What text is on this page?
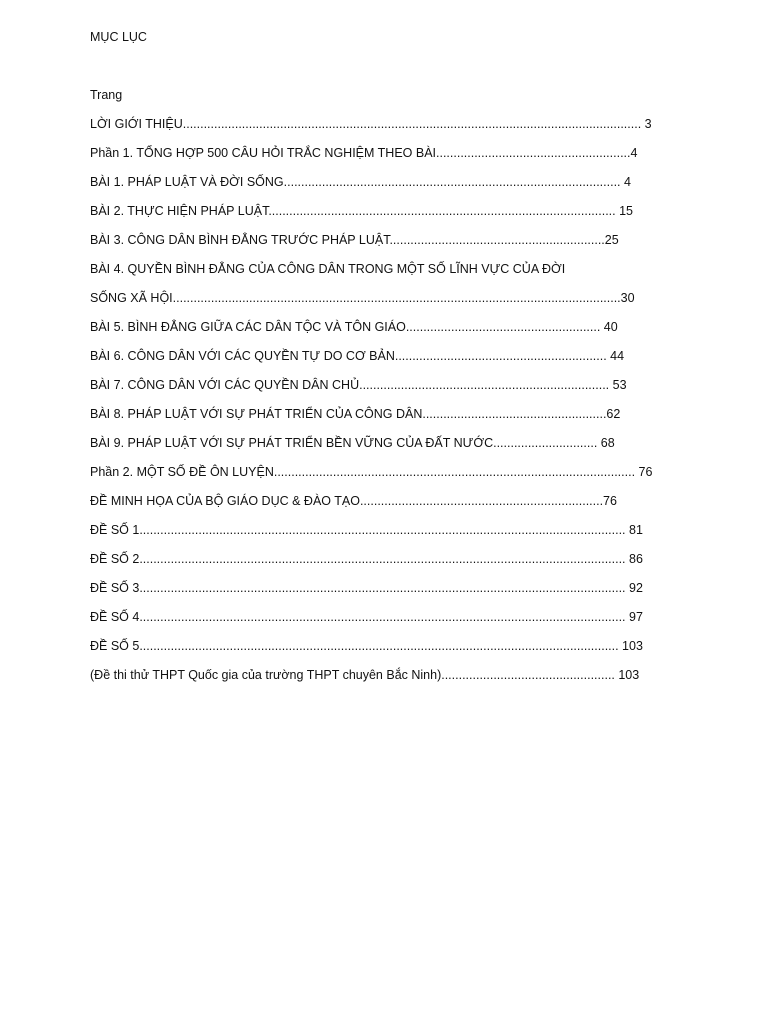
MỤC LỤC
Trang
LỜI GIỚI THIỆU.................................................................................................................................... 3
Phần 1. TỔNG HỢP 500 CÂU HỎI TRẮC NGHIỆM THEO BÀI........................................................4
BÀI 1. PHÁP LUẬT VÀ ĐỜI SỐNG................................................................................................. 4
BÀI 2. THỰC HIỆN PHÁP LUẬT.................................................................................................... 15
BÀI 3. CÔNG DÂN BÌNH ĐẲNG TRƯỚC PHÁP LUẬT..............................................................25
BÀI 4. QUYỀN BÌNH ĐẲNG CỦA CÔNG DÂN TRONG MỘT SỐ LĨNH VỰC CỦA ĐỜI
SỐNG XÃ HỘI.................................................................................................................................30
BÀI 5. BÌNH ĐẲNG GIỮA CÁC DÂN TỘC VÀ TÔN GIÁO........................................................ 40
BÀI 6. CÔNG DÂN VỚI CÁC QUYỀN TỰ DO CƠ BẢN............................................................. 44
BÀI 7. CÔNG DÂN VỚI CÁC QUYỀN DÂN CHỦ........................................................................ 53
BÀI 8. PHÁP LUẬT VỚI SỰ PHÁT TRIỂN CỦA CÔNG DÂN.....................................................62
BÀI 9. PHÁP LUẬT VỚI SỰ PHÁT TRIỂN BỀN VỮNG CỦA ĐẤT NƯỚC.............................. 68
Phần 2. MỘT SỐ ĐỀ ÔN LUYỆN........................................................................................................ 76
ĐỀ MINH HỌA CỦA BỘ GIÁO DỤC & ĐÀO TẠO......................................................................76
ĐỀ SỐ 1............................................................................................................................................ 81
ĐỀ SỐ 2............................................................................................................................................ 86
ĐỀ SỐ 3............................................................................................................................................ 92
ĐỀ SỐ 4............................................................................................................................................ 97
ĐỀ SỐ 5.......................................................................................................................................... 103
(Đề thi thử THPT Quốc gia của trường THPT chuyên Bắc Ninh).................................................. 103
